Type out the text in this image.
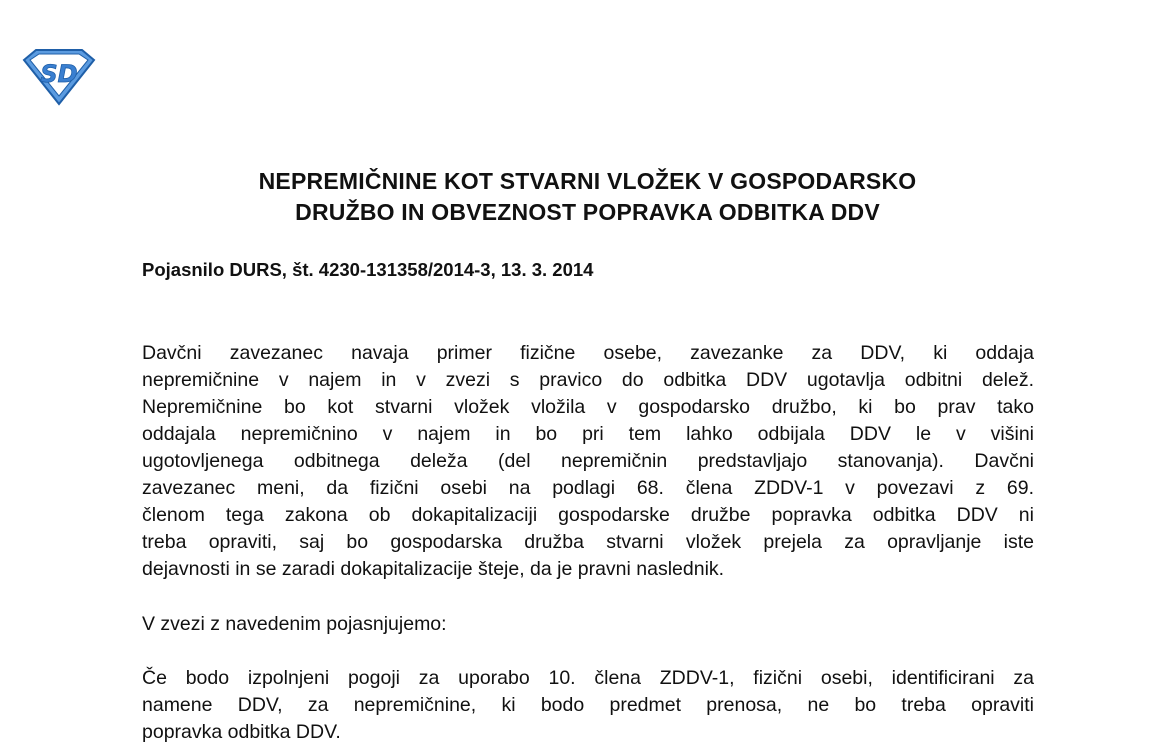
SD
NEPREMIČNINE KOT STVARNI VLOŽEK V GOSPODARSKO
DRUŽBO IN OBVEZNOST POPRAVKA ODBITKA DDV
Pojasnilo DURS, št. 4230-131358/2014-3, 13. 3. 2014
Davčni zavezanec navaja primer fizične osebe, zavezanke za DDV, ki oddaja
nepremičnine v najem in v zvezi s pravico do odbitka DDV ugotavlja odbitni delež.
Nepremičnine bo kot stvarni vložek vložila v gospodarsko družbo, ki bo prav tako
oddajala nepremičnino v najem in bo pri tem lahko odbijala DDV le v višini
ugotovljenega odbitnega deleža (del nepremičnin predstavljajo stanovanja). Davčni
zavezanec meni, da fizični osebi na podlagi 68. člena ZDDV-1 v povezavi z 69.
členom tega zakona ob dokapitalizaciji gospodarske družbe popravka odbitka DDV ni
treba opraviti, saj bo gospodarska družba stvarni vložek prejela za opravljanje iste
dejavnosti in se zaradi dokapitalizacije šteje, da je pravni naslednik.
V zvezi z navedenim pojasnjujemo:
Če bodo izpolnjeni pogoji za uporabo 10. člena ZDDV-1, fizični osebi, identificirani za
namene DDV, za nepremičnine, ki bodo predmet prenosa, ne bo treba opraviti
popravka odbitka DDV.
